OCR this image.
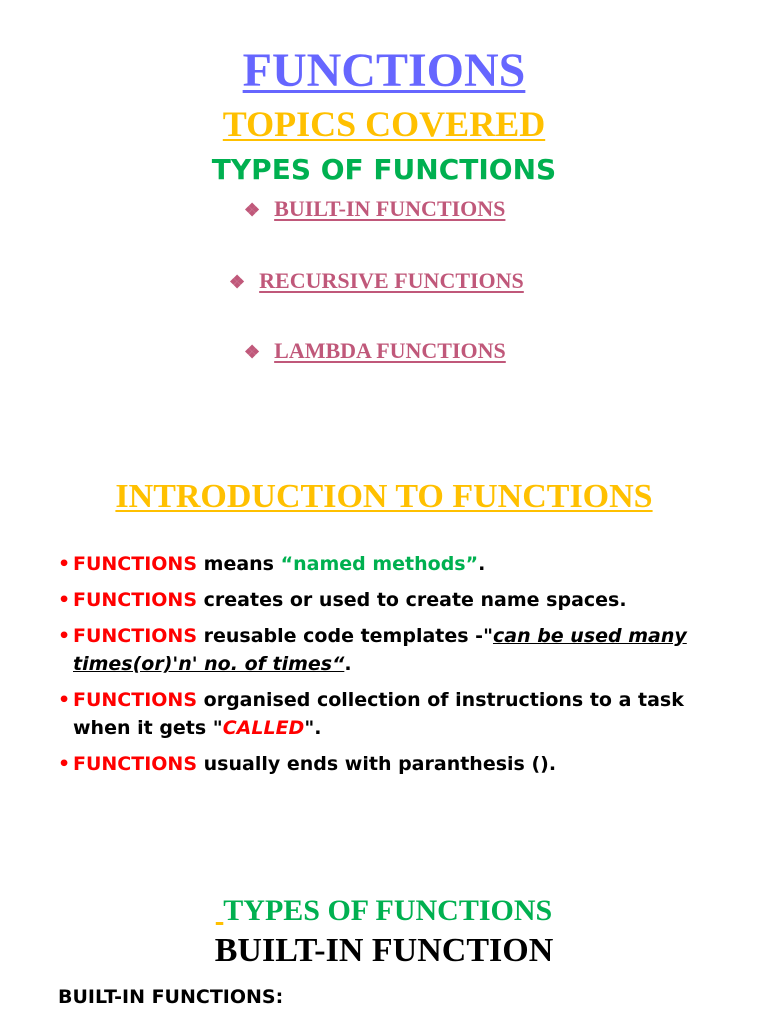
FUNCTIONS
TOPICS COVERED
TYPES OF FUNCTIONS
❖ BUILT-IN FUNCTIONS
❖ RECURSIVE FUNCTIONS
❖ LAMBDA FUNCTIONS
INTRODUCTION TO FUNCTIONS
• FUNCTIONS means “named methods”.
• FUNCTIONS creates or used to create name spaces.
• FUNCTIONS reusable code templates -"can be used many times(or)'n' no. of times“.
• FUNCTIONS organised collection of instructions to a task when it gets "CALLED".
• FUNCTIONS usually ends with paranthesis ().
TYPES OF FUNCTIONS
BUILT-IN FUNCTION
BUILT-IN FUNCTIONS:
